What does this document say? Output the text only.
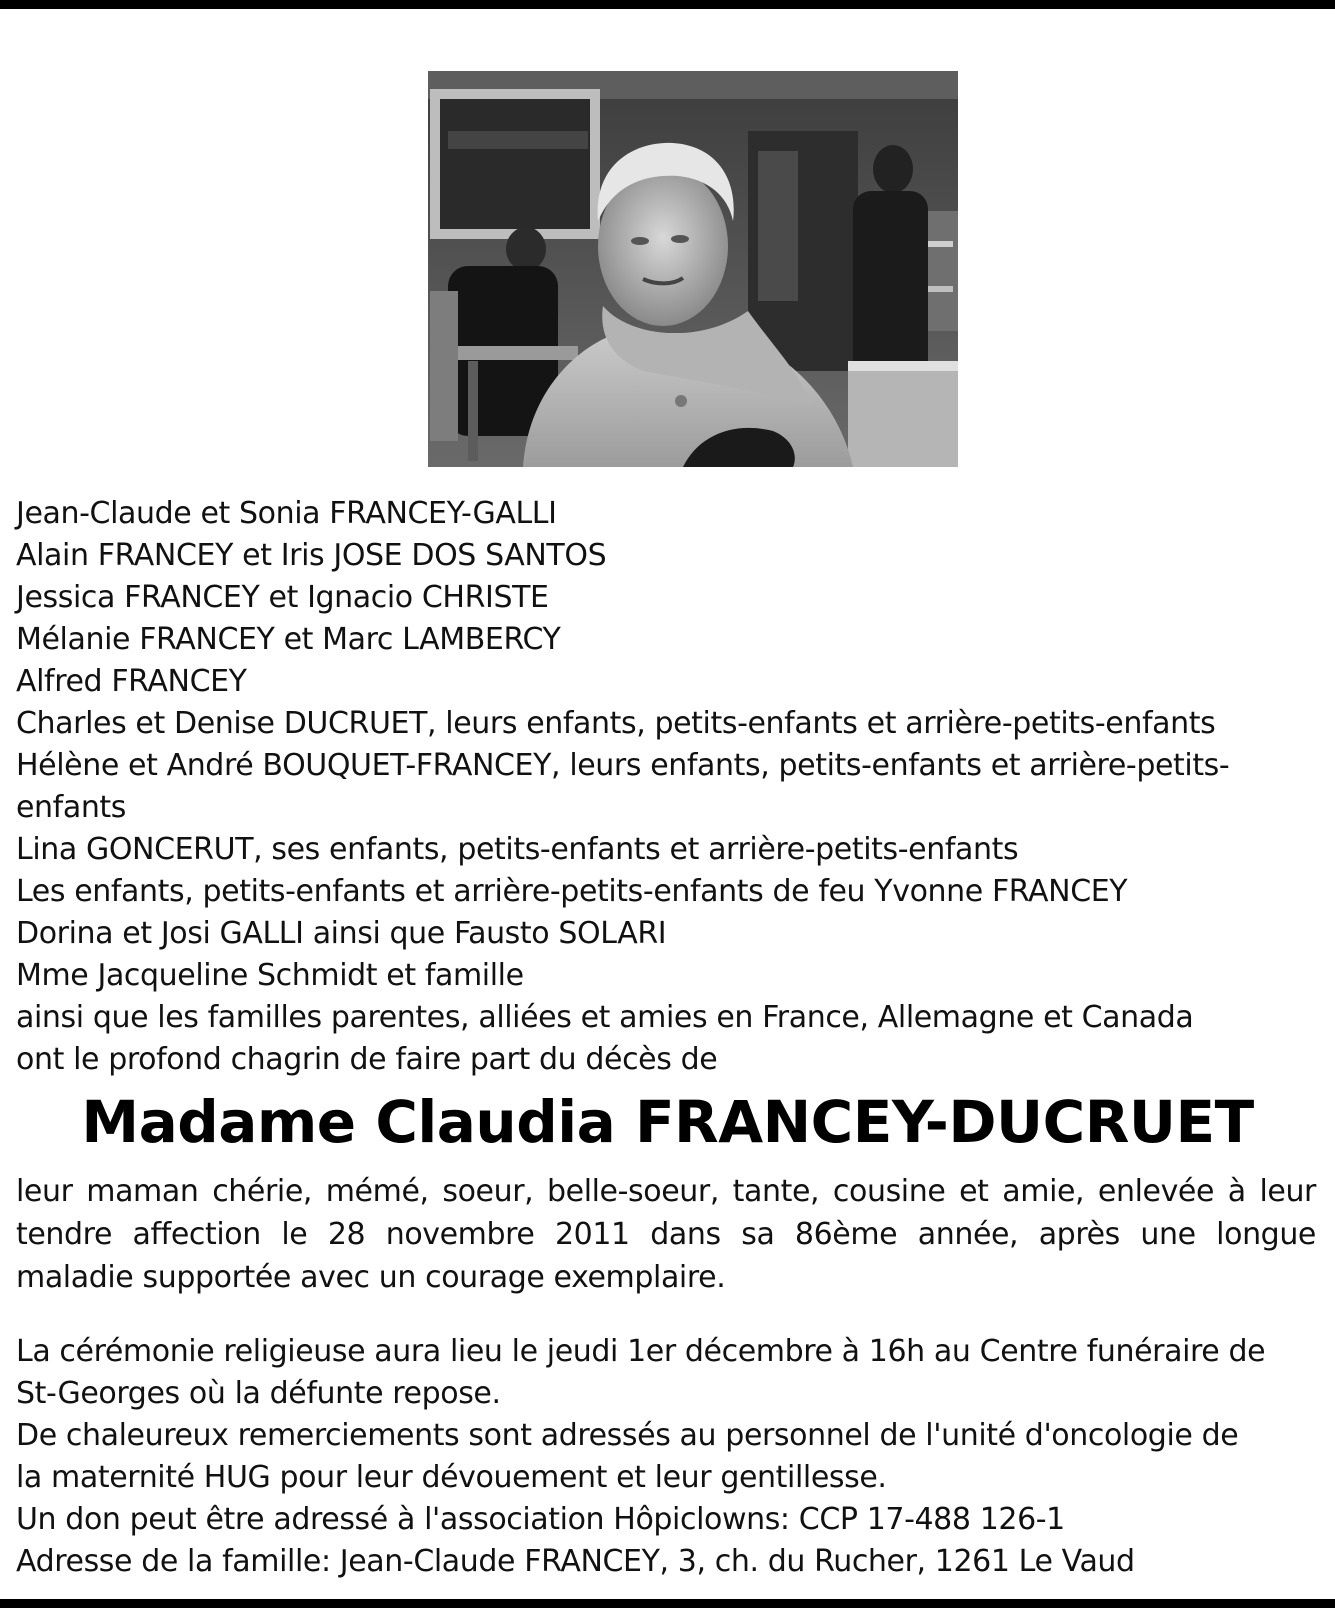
Jean-Claude et Sonia FRANCEY-GALLI
Alain FRANCEY et Iris JOSE DOS SANTOS
Jessica FRANCEY et Ignacio CHRISTE
Mélanie FRANCEY et Marc LAMBERCY
Alfred FRANCEY
Charles et Denise DUCRUET, leurs enfants, petits-enfants et arrière-petits-enfants
Hélène et André BOUQUET-FRANCEY, leurs enfants, petits-enfants et arrière-petits-
enfants
Lina GONCERUT, ses enfants, petits-enfants et arrière-petits-enfants
Les enfants, petits-enfants et arrière-petits-enfants de feu Yvonne FRANCEY
Dorina et Josi GALLI ainsi que Fausto SOLARI
Mme Jacqueline Schmidt et famille
ainsi que les familles parentes, alliées et amies en France, Allemagne et Canada
ont le profond chagrin de faire part du décès de
Madame Claudia FRANCEY-DUCRUET
leur maman chérie, mémé, soeur, belle-soeur, tante, cousine et amie, enlevée à leur
tendre affection le 28 novembre 2011 dans sa 86ème année, après une longue
maladie supportée avec un courage exemplaire.
La cérémonie religieuse aura lieu le jeudi 1er décembre à 16h au Centre funéraire de
St-Georges où la défunte repose.
De chaleureux remerciements sont adressés au personnel de l'unité d'oncologie de
la maternité HUG pour leur dévouement et leur gentillesse.
Un don peut être adressé à l'association Hôpiclowns: CCP 17-488 126-1
Adresse de la famille: Jean-Claude FRANCEY, 3, ch. du Rucher, 1261 Le Vaud
